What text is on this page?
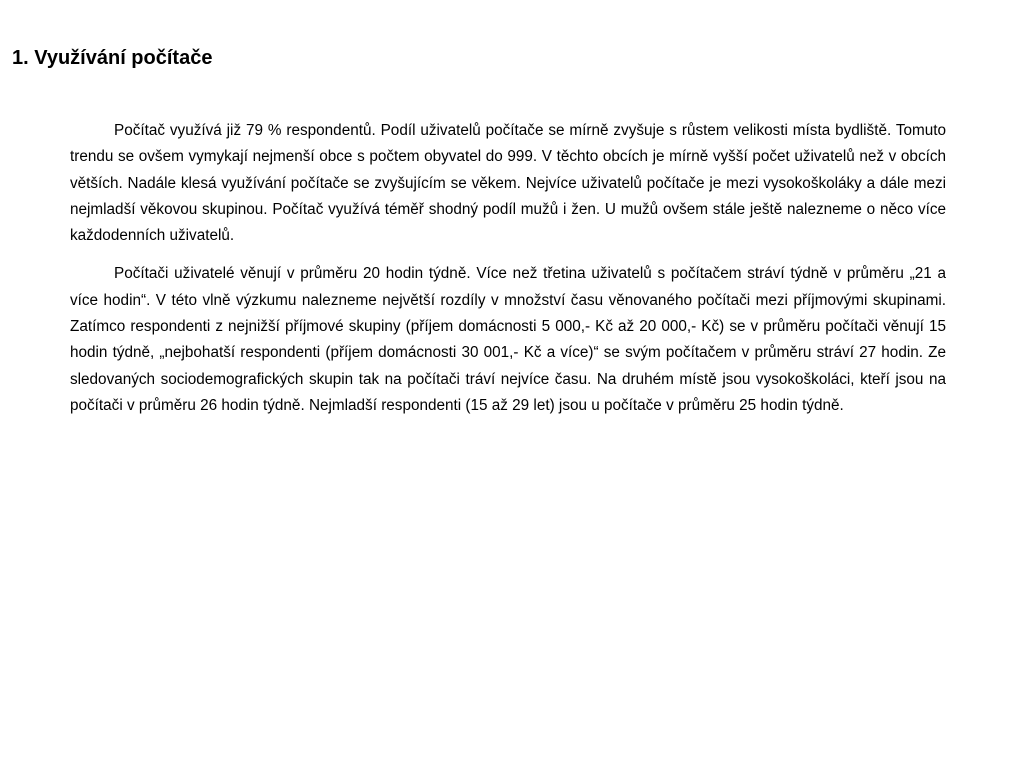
1. Využívání počítače

Počítač využívá již 79 % respondentů. Podíl uživatelů počítače se mírně zvyšuje s růstem velikosti místa bydliště. Tomuto trendu se ovšem vymykají nejmenší obce s počtem obyvatel do 999. V těchto obcích je mírně vyšší počet uživatelů než v obcích větších. Nadále klesá využívání počítače se zvyšujícím se věkem. Nejvíce uživatelů počítače je mezi vysokoškoláky a dále mezi nejmladší věkovou skupinou. Počítač využívá téměř shodný podíl mužů i žen. U mužů ovšem stále ještě nalezneme o něco více každodenních uživatelů.

Počítači uživatelé věnují v průměru 20 hodin týdně. Více než třetina uživatelů s počítačem stráví týdně v průměru „21 a více hodin“. V této vlně výzkumu nalezneme největší rozdíly v množství času věnovaného počítači mezi příjmovými skupinami. Zatímco respondenti z nejnižší příjmové skupiny (příjem domácnosti 5 000,- Kč až 20 000,- Kč) se v průměru počítači věnují 15 hodin týdně, „nejbohatší respondenti (příjem domácnosti 30 001,- Kč a více)“ se svým počítačem v průměru stráví 27 hodin. Ze sledovaných sociodemografických skupin tak na počítači tráví nejvíce času. Na druhém místě jsou vysokoškoláci, kteří jsou na počítači v průměru 26 hodin týdně. Nejmladší respondenti (15 až 29 let) jsou u počítače v průměru 25 hodin týdně.
